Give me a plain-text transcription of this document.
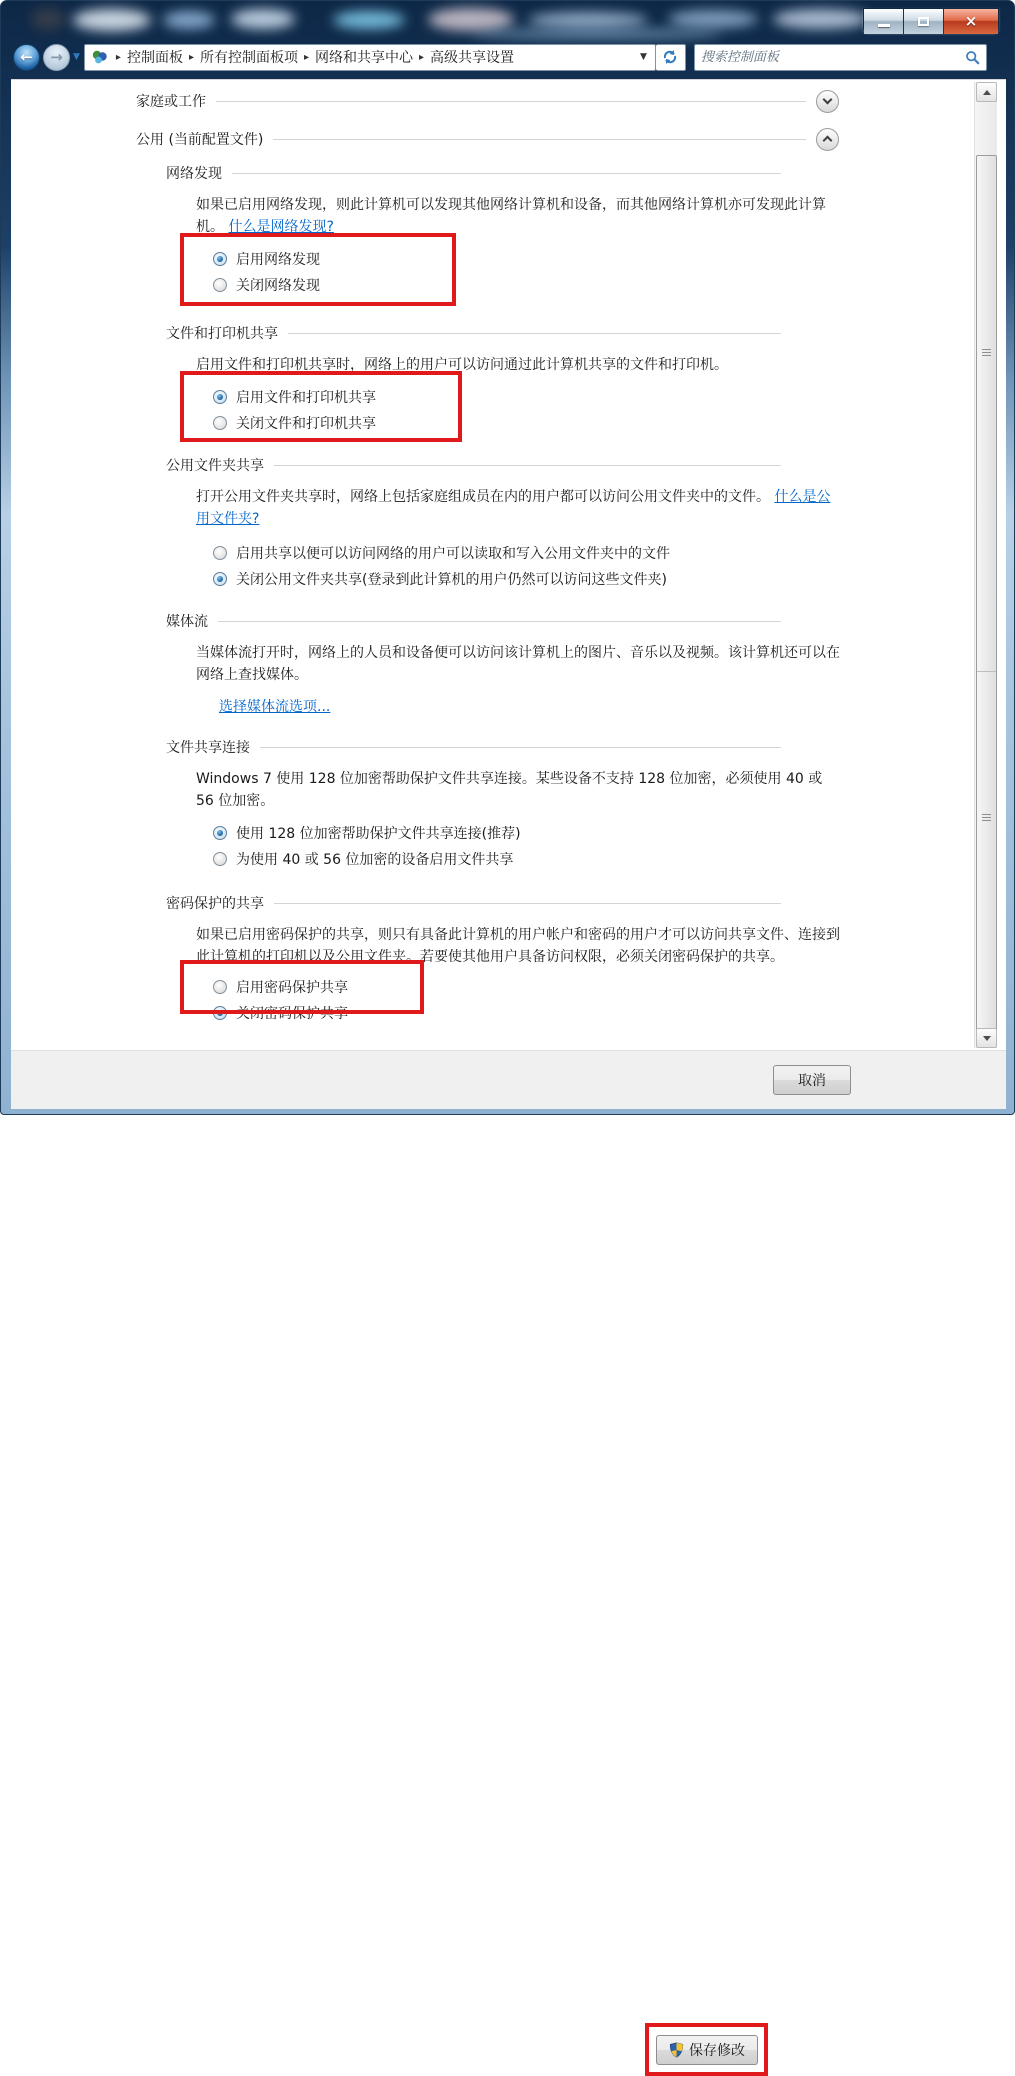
×
← → ▼	▸ 控制面板 ▸ 所有控制面板项 ▸ 网络和共享中心 ▸ 高级共享设置	▼
搜索控制面板
家庭或工作
公用 (当前配置文件)
网络发现
如果已启用网络发现，则此计算机可以发现其他网络计算机和设备，而其他网络计算机亦可发现此计算机。 什么是网络发现?
启用网络发现
关闭网络发现
文件和打印机共享
启用文件和打印机共享时，网络上的用户可以访问通过此计算机共享的文件和打印机。
启用文件和打印机共享
关闭文件和打印机共享
公用文件夹共享
打开公用文件夹共享时，网络上包括家庭组成员在内的用户都可以访问公用文件夹中的文件。 什么是公用文件夹?
启用共享以便可以访问网络的用户可以读取和写入公用文件夹中的文件
关闭公用文件夹共享(登录到此计算机的用户仍然可以访问这些文件夹)
媒体流
当媒体流打开时，网络上的人员和设备便可以访问该计算机上的图片、音乐以及视频。该计算机还可以在网络上查找媒体。
选择媒体流选项...
文件共享连接
Windows 7 使用 128 位加密帮助保护文件共享连接。某些设备不支持 128 位加密，必须使用 40 或 56 位加密。
使用 128 位加密帮助保护文件共享连接(推荐)
为使用 40 或 56 位加密的设备启用文件共享
密码保护的共享
如果已启用密码保护的共享，则只有具备此计算机的用户帐户和密码的用户才可以访问共享文件、连接到此计算机的打印机以及公用文件夹。若要使其他用户具备访问权限，必须关闭密码保护的共享。
启用密码保护共享
关闭密码保护共享
保存修改
取消
